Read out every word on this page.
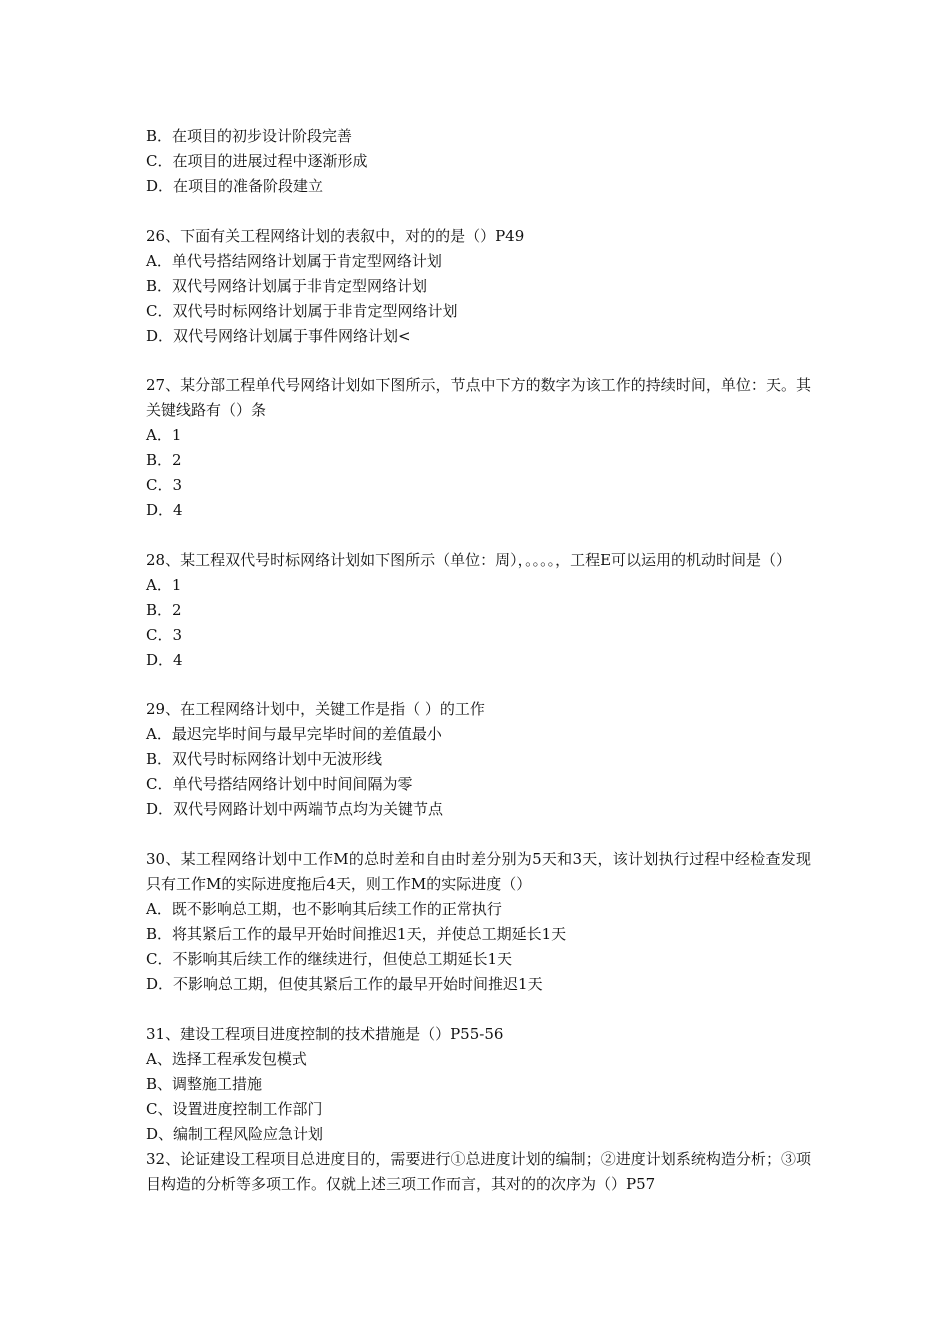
B．在项目的初步设计阶段完善
C．在项目的进展过程中逐渐形成
D．在项目的准备阶段建立
26、下面有关工程网络计划的表叙中，对的的是（）P49
A．单代号搭结网络计划属于肯定型网络计划
B．双代号网络计划属于非肯定型网络计划
C．双代号时标网络计划属于非肯定型网络计划
D．双代号网络计划属于事件网络计划<
27、某分部工程单代号网络计划如下图所示，节点中下方的数字为该工作的持续时间，单位：天。其关键线路有（）条
A．1
B．2
C．3
D．4
28、某工程双代号时标网络计划如下图所示（单位：周），。。。。，工程E可以运用的机动时间是（）
A．1
B．2
C．3
D．4
29、在工程网络计划中，关键工作是指（ ）的工作
A．最迟完毕时间与最早完毕时间的差值最小
B．双代号时标网络计划中无波形线
C．单代号搭结网络计划中时间间隔为零
D．双代号网路计划中两端节点均为关键节点
30、某工程网络计划中工作M的总时差和自由时差分别为5天和3天，该计划执行过程中经检查发现只有工作M的实际进度拖后4天，则工作M的实际进度（）
A．既不影响总工期，也不影响其后续工作的正常执行
B．将其紧后工作的最早开始时间推迟1天，并使总工期延长1天
C．不影响其后续工作的继续进行，但使总工期延长1天
D．不影响总工期，但使其紧后工作的最早开始时间推迟1天
31、建设工程项目进度控制的技术措施是（）P55-56
A、选择工程承发包模式
B、调整施工措施
C、设置进度控制工作部门
D、编制工程风险应急计划
32、论证建设工程项目总进度目的，需要进行①总进度计划的编制；②进度计划系统构造分析；③项目构造的分析等多项工作。仅就上述三项工作而言，其对的的次序为（）P57
